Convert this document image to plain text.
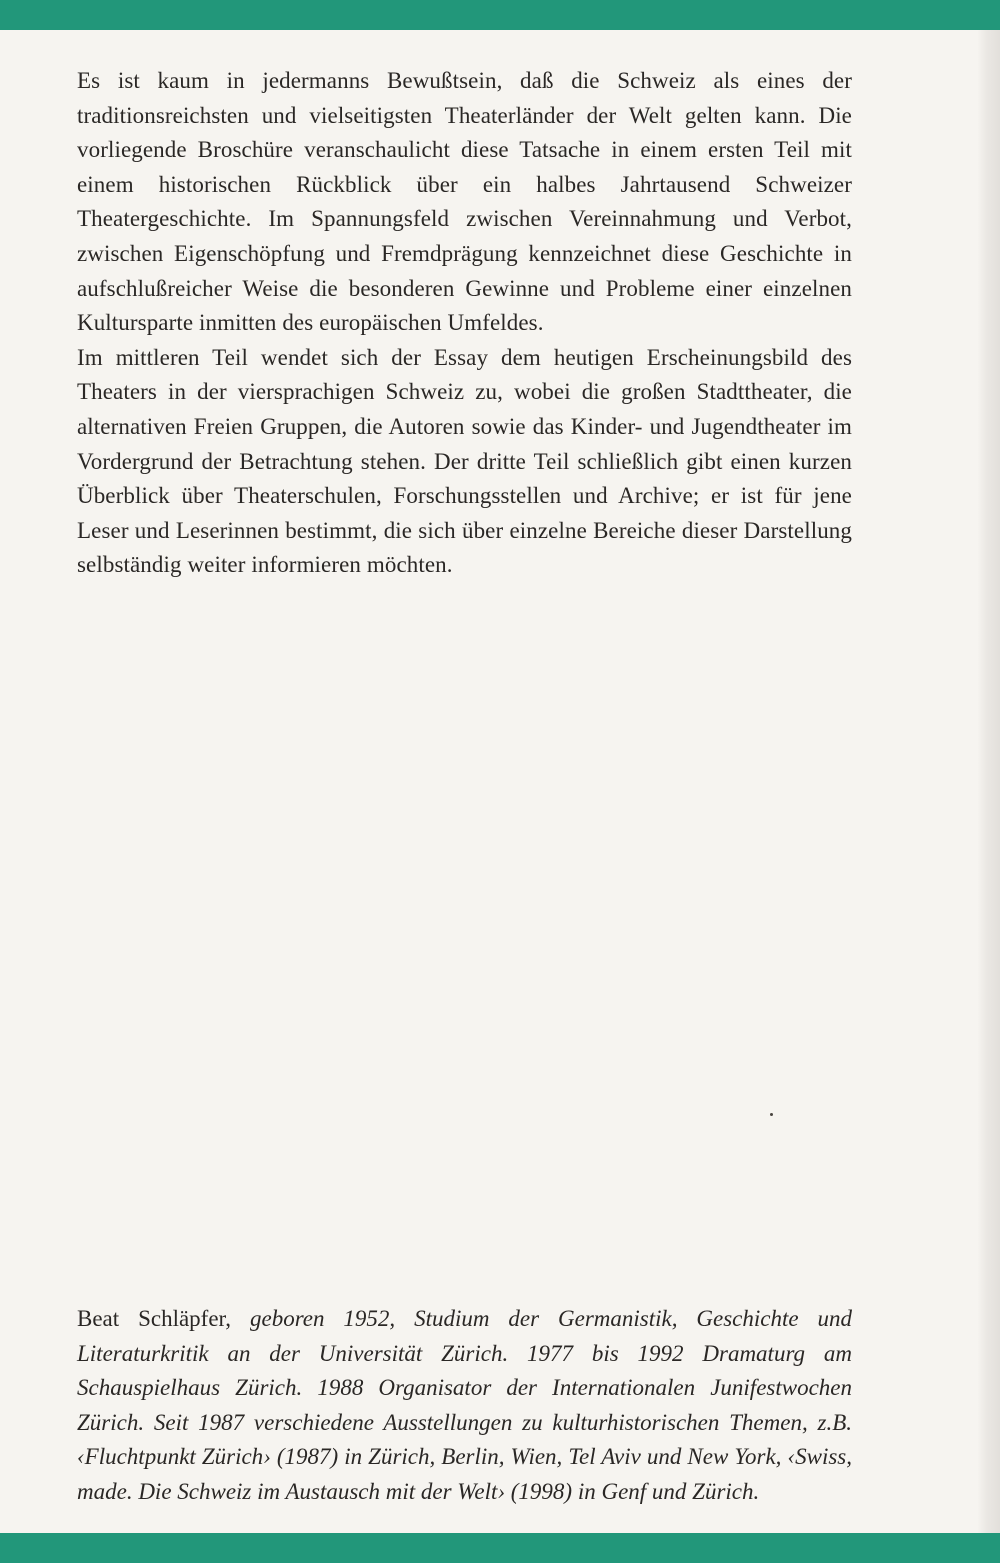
Es ist kaum in jedermanns Bewußtsein, daß die Schweiz als eines der traditionsreichsten und vielseitigsten Theaterländer der Welt gelten kann. Die vorliegende Broschüre veranschaulicht diese Tatsache in einem ersten Teil mit einem historischen Rückblick über ein halbes Jahrtausend Schweizer Theatergeschichte. Im Spannungsfeld zwischen Vereinnahmung und Verbot, zwischen Eigenschöpfung und Fremdprägung kennzeichnet diese Geschichte in aufschlußreicher Weise die besonderen Gewinne und Probleme einer einzelnen Kultursparte inmitten des europäischen Umfeldes.
Im mittleren Teil wendet sich der Essay dem heutigen Erscheinungsbild des Theaters in der viersprachigen Schweiz zu, wobei die großen Stadttheater, die alternativen Freien Gruppen, die Autoren sowie das Kinder- und Jugendtheater im Vordergrund der Betrachtung stehen. Der dritte Teil schließlich gibt einen kurzen Überblick über Theaterschulen, Forschungsstellen und Archive; er ist für jene Leser und Leserinnen bestimmt, die sich über einzelne Bereiche dieser Darstellung selbständig weiter informieren möchten.

Beat Schläpfer, geboren 1952, Studium der Germanistik, Geschichte und Literaturkritik an der Universität Zürich. 1977 bis 1992 Dramaturg am Schauspielhaus Zürich. 1988 Organisator der Internationalen Junifestwochen Zürich. Seit 1987 verschiedene Ausstellungen zu kulturhistorischen Themen, z.B. ‹Fluchtpunkt Zürich› (1987) in Zürich, Berlin, Wien, Tel Aviv und New York, ‹Swiss, made. Die Schweiz im Austausch mit der Welt› (1998) in Genf und Zürich.
